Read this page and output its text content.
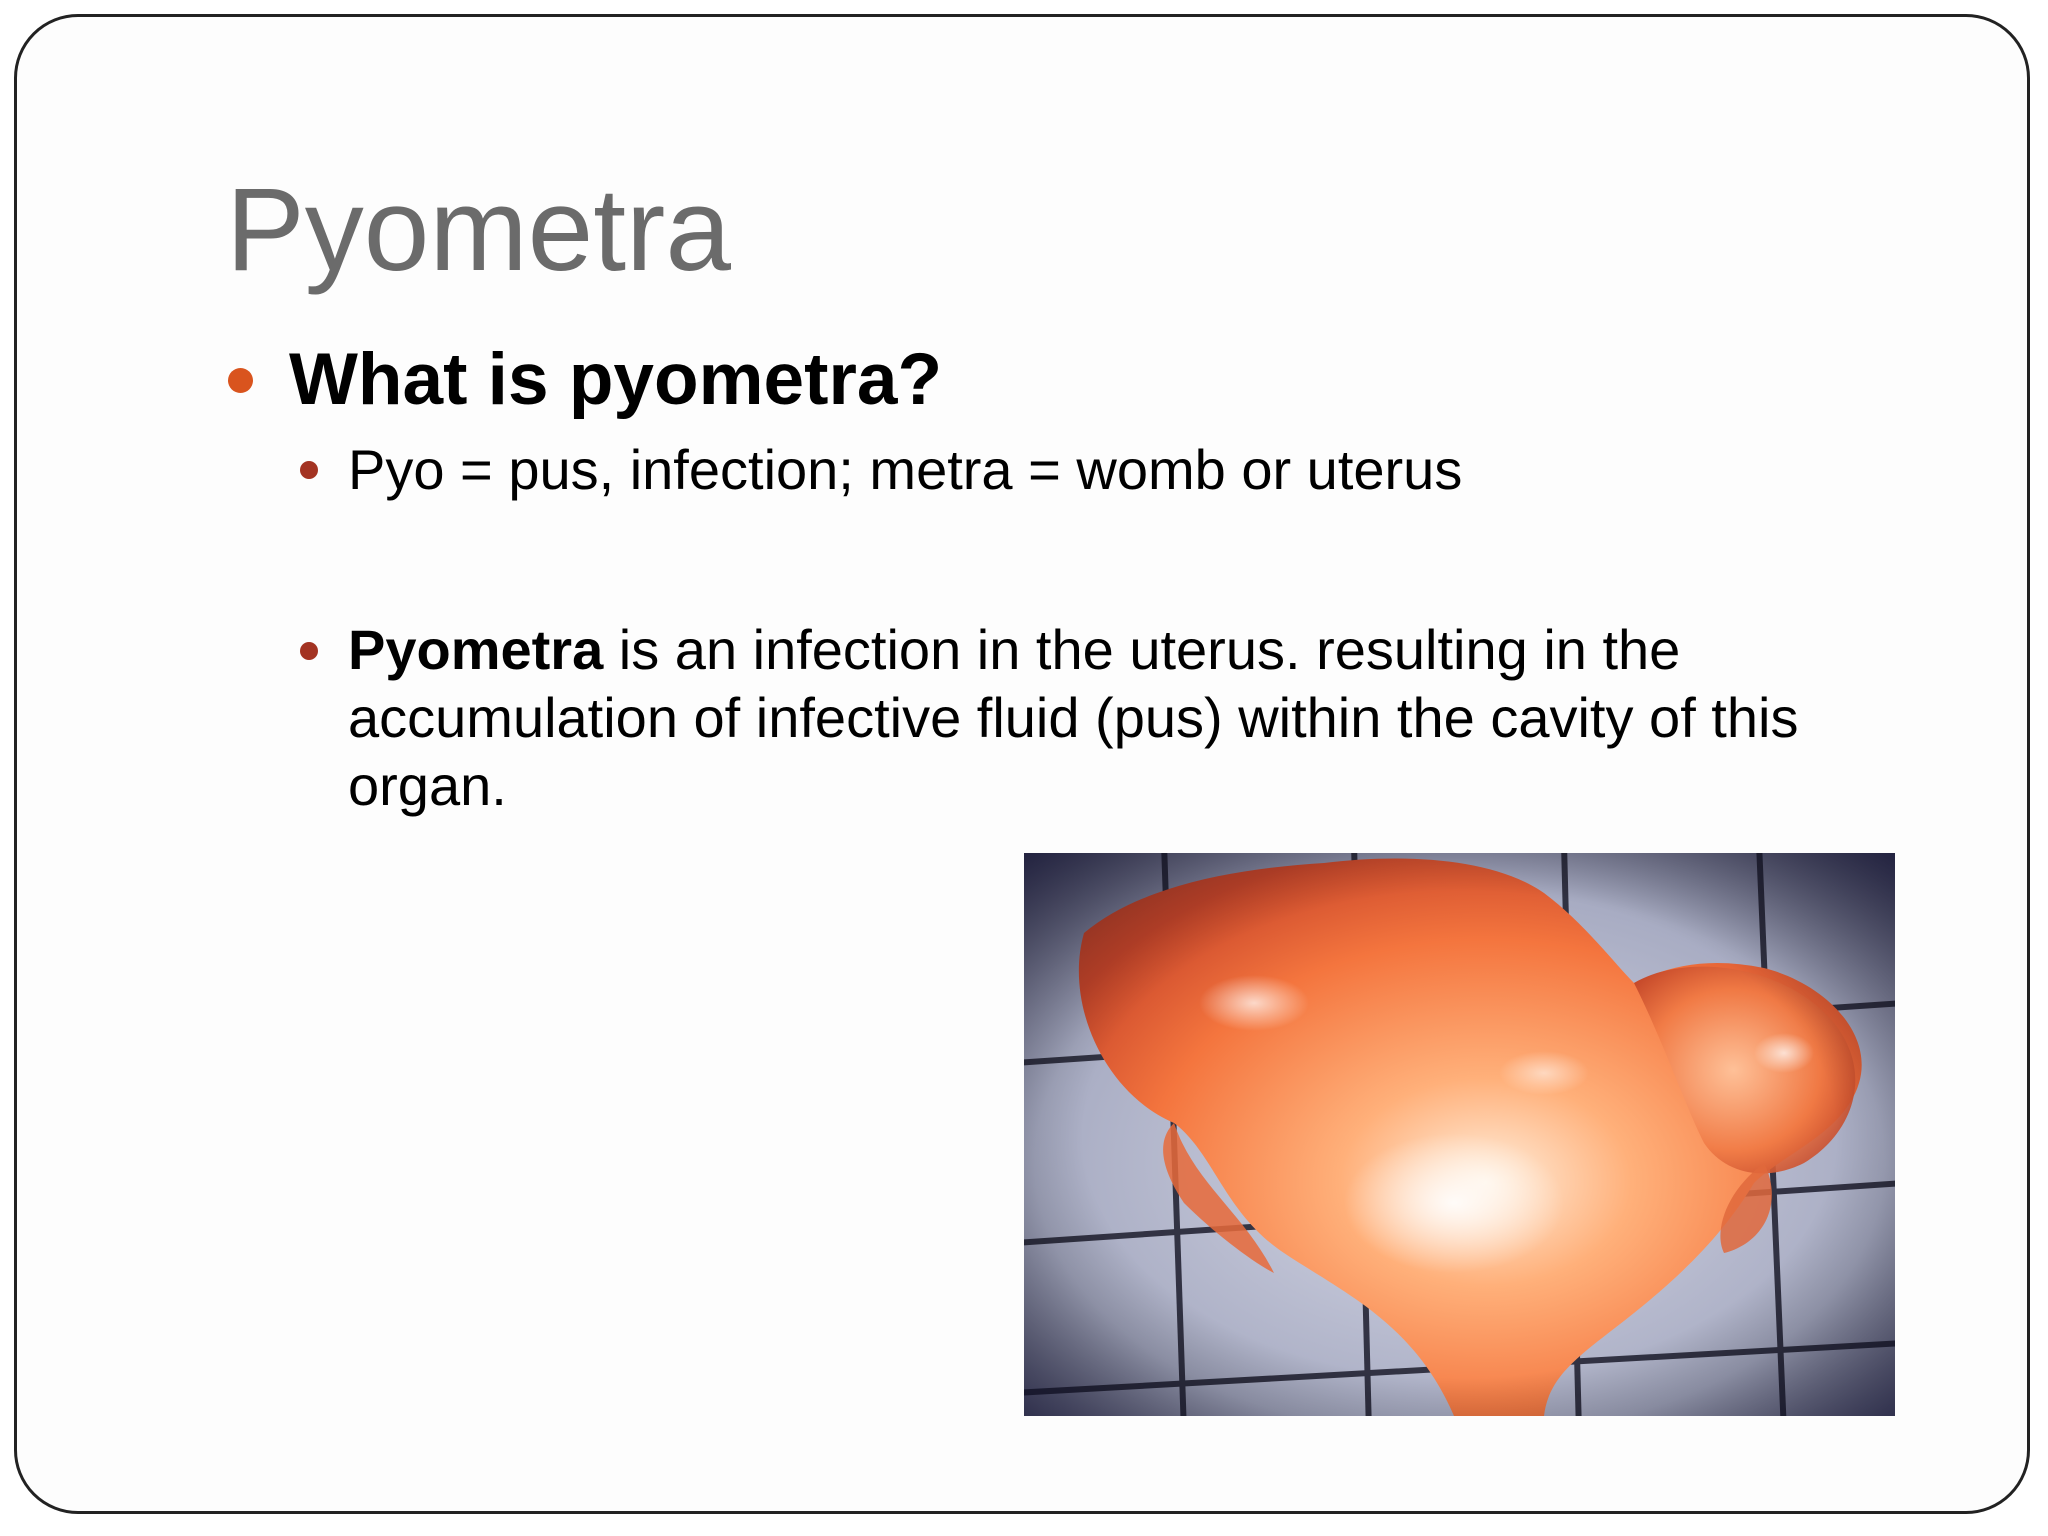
Pyometra
What is pyometra?
Pyo = pus, infection; metra = womb or uterus
Pyometra is an infection in the uterus. resulting in the accumulation of infective fluid (pus) within the cavity of this organ.
